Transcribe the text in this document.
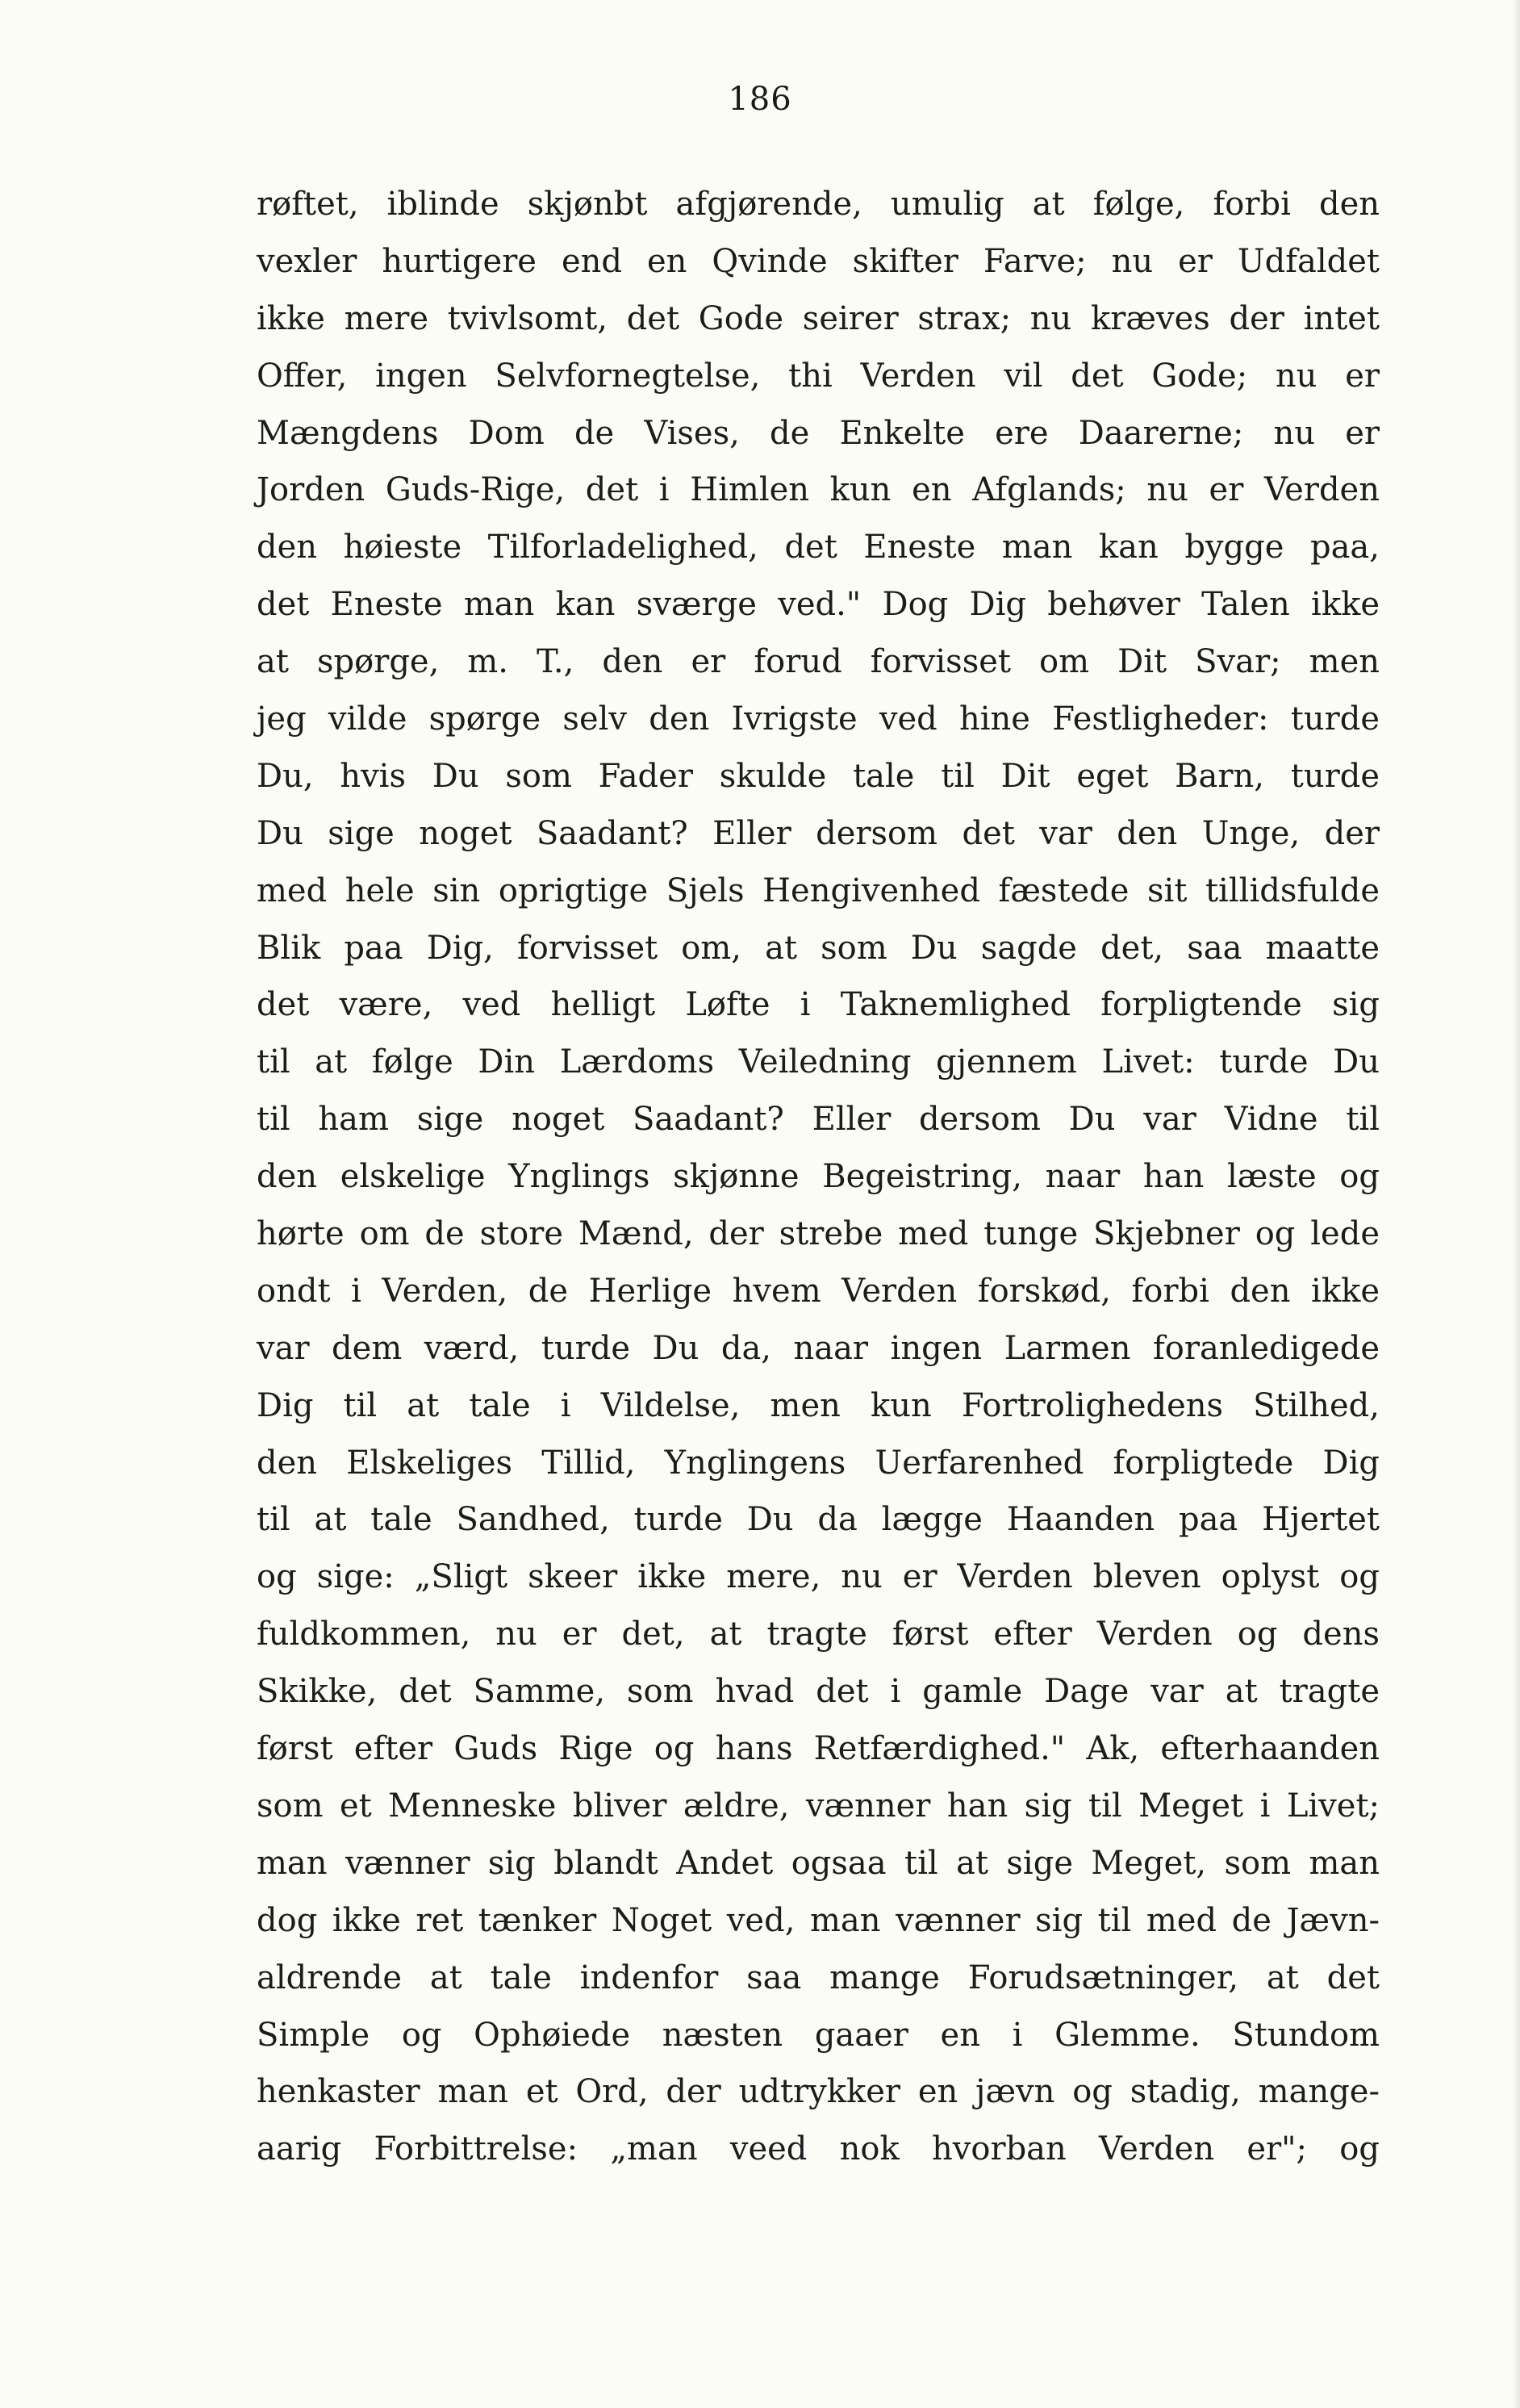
186
røftet, iblinde skjønbt afgjørende, umulig at følge, forbi den
vexler hurtigere end en Qvinde skifter Farve; nu er Udfaldet
ikke mere tvivlsomt, det Gode seirer strax; nu kræves der intet
Offer, ingen Selvfornegtelse, thi Verden vil det Gode; nu er
Mængdens Dom de Vises, de Enkelte ere Daarerne; nu er
Jorden Guds-Rige, det i Himlen kun en Afglands; nu er Verden
den høieste Tilforladelighed, det Eneste man kan bygge paa,
det Eneste man kan sværge ved." Dog Dig behøver Talen ikke
at spørge, m. T., den er forud forvisset om Dit Svar; men
jeg vilde spørge selv den Ivrigste ved hine Festligheder: turde
Du, hvis Du som Fader skulde tale til Dit eget Barn, turde
Du sige noget Saadant? Eller dersom det var den Unge, der
med hele sin oprigtige Sjels Hengivenhed fæstede sit tillidsfulde
Blik paa Dig, forvisset om, at som Du sagde det, saa maatte
det være, ved helligt Løfte i Taknemlighed forpligtende sig
til at følge Din Lærdoms Veiledning gjennem Livet: turde Du
til ham sige noget Saadant? Eller dersom Du var Vidne til
den elskelige Ynglings skjønne Begeistring, naar han læste og
hørte om de store Mænd, der strebe med tunge Skjebner og lede
ondt i Verden, de Herlige hvem Verden forskød, forbi den ikke
var dem værd, turde Du da, naar ingen Larmen foranledigede
Dig til at tale i Vildelse, men kun Fortrolighedens Stilhed,
den Elskeliges Tillid, Ynglingens Uerfarenhed forpligtede Dig
til at tale Sandhed, turde Du da lægge Haanden paa Hjertet
og sige: „Sligt skeer ikke mere, nu er Verden bleven oplyst og
fuldkommen, nu er det, at tragte først efter Verden og dens
Skikke, det Samme, som hvad det i gamle Dage var at tragte
først efter Guds Rige og hans Retfærdighed." Ak, efterhaanden
som et Menneske bliver ældre, vænner han sig til Meget i Livet;
man vænner sig blandt Andet ogsaa til at sige Meget, som man
dog ikke ret tænker Noget ved, man vænner sig til med de Jævn-
aldrende at tale indenfor saa mange Forudsætninger, at det
Simple og Ophøiede næsten gaaer en i Glemme. Stundom
henkaster man et Ord, der udtrykker en jævn og stadig, mange-
aarig Forbittrelse: „man veed nok hvorban Verden er"; og
